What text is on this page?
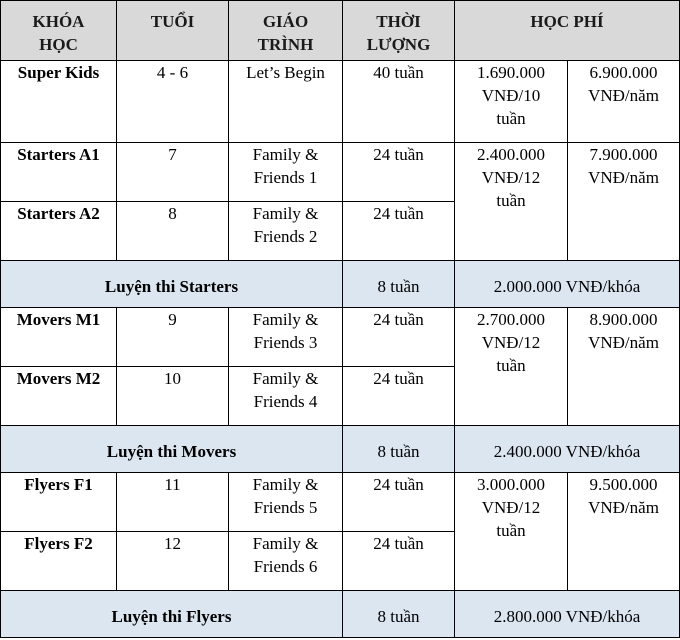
KHÓA HỌC	TUỔI	GIÁO TRÌNH	THỜI LƯỢNG	HỌC PHÍ	
Super Kids	4 - 6	Let’s Begin	40 tuần	1.690.000 VNĐ/10 tuần	6.900.000 VNĐ/năm
Starters A1	7	Family & Friends 1	24 tuần	2.400.000 VNĐ/12 tuần	7.900.000 VNĐ/năm
Starters A2	8	Family & Friends 2	24 tuần		
Luyện thi Starters			8 tuần	2.000.000 VNĐ/khóa	
Movers M1	9	Family & Friends 3	24 tuần	2.700.000 VNĐ/12 tuần	8.900.000 VNĐ/năm
Movers M2	10	Family & Friends 4	24 tuần		
Luyện thi Movers			8 tuần	2.400.000 VNĐ/khóa	
Flyers F1	11	Family & Friends 5	24 tuần	3.000.000 VNĐ/12 tuần	9.500.000 VNĐ/năm
Flyers F2	12	Family & Friends 6	24 tuần		
Luyện thi Flyers			8 tuần	2.800.000 VNĐ/khóa	
